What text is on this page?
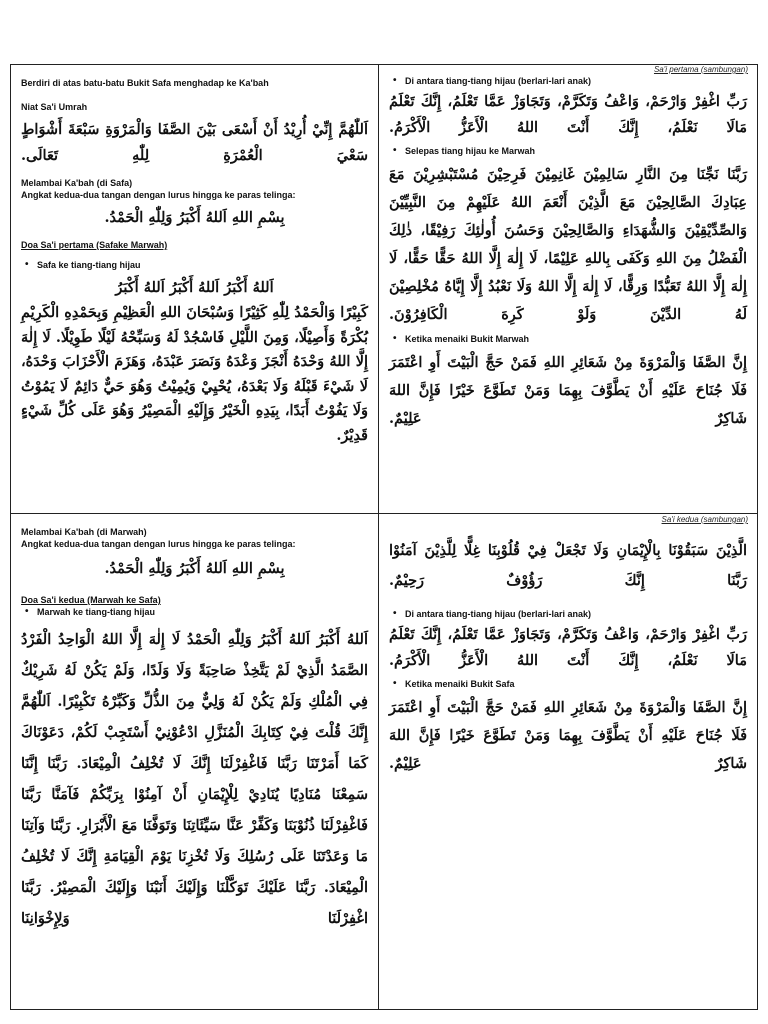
Sa'i pertama (sambungan)
Sa'i kedua (sambungan)

Berdiri di atas batu-batu Bukit Safa menghadap ke Ka'bah

Niat Sa'i Umrah

اَللّٰهُمَّ إِنِّيْ أُرِيْدُ أَنْ أَسْعَى بَيْنَ الصَّفَا وَالْمَرْوَةِ سَبْعَةَ أَشْوَاطٍ سَعْيَ الْعُمْرَةِ لِلّٰهِ تَعَالَى.

Melambai Ka'bah (di Safa)

Angkat kedua-dua tangan dengan lurus hingga ke paras telinga:

بِسْمِ اللهِ اَللهُ أَكْبَرُ وَلِلّٰهِ الْحَمْدُ.

Doa Sa'i pertama (Safake Marwah)

• Safa ke tiang-tiang hijau

اَللهُ أَكْبَرُ اَللهُ أَكْبَرُ اَللهُ أَكْبَرُ

كَبِيْرًا وَالْحَمْدُ لِلّٰهِ كَثِيْرًا وَسُبْحَانَ اللهِ الْعَظِيْمِ وَبِحَمْدِهِ الْكَرِيْمِ بُكْرَةً وَأَصِيْلًا، وَمِنَ اللَّيْلِ فَاسْجُدْ لَهُ وَسَبِّحْهُ لَيْلًا طَوِيْلًا. لَا إِلٰهَ إِلَّا اللهُ وَحْدَهُ أَنْجَزَ وَعْدَهُ وَنَصَرَ عَبْدَهُ، وَهَزَمَ الْأَحْزَابَ وَحْدَهُ، لَا شَيْءَ قَبْلَهُ وَلَا بَعْدَهُ، يُحْيِيْ وَيُمِيْتُ وَهُوَ حَيٌّ دَائِمٌ لَا يَمُوْتُ وَلَا يَفُوْتُ أَبَدًا، بِيَدِهِ الْخَيْرُ وَإِلَيْهِ الْمَصِيْرُ وَهُوَ عَلَى كُلِّ شَيْءٍ قَدِيْرٌ.

• Di antara tiang-tiang hijau (berlari-lari anak)

رَبِّ اغْفِرْ وَارْحَمْ، وَاعْفُ وَتَكَرَّمْ، وَتَجَاوَزْ عَمَّا تَعْلَمُ، إِنَّكَ تَعْلَمُ مَالَا نَعْلَمُ، إِنَّكَ أَنْتَ اللهُ الْأَعَزُّ الْأَكْرَمُ.

• Selepas tiang hijau ke Marwah

رَبَّنَا نَجِّنَا مِنَ النَّارِ سَالِمِيْنَ غَانِمِيْنَ فَرِحِيْنَ مُسْتَبْشِرِيْنَ مَعَ عِبَادِكَ الصَّالِحِيْنَ مَعَ الَّذِيْنَ أَنْعَمَ اللهُ عَلَيْهِمْ مِنَ النَّبِيِّيْنَ وَالصِّدِّيْقِيْنَ وَالشُّهَدَاءِ وَالصَّالِحِيْنَ وَحَسُنَ أُولٰئِكَ رَفِيْقًا، ذٰلِكَ الْفَضْلُ مِنَ اللهِ وَكَفَى بِاللهِ عَلِيْمًا، لَا إِلٰهَ إِلَّا اللهُ حَقًّا حَقًّا، لَا إِلٰهَ إِلَّا اللهُ تَعَبُّدًا وَرِقًّا، لَا إِلٰهَ إِلَّا اللهُ وَلَا نَعْبُدُ إِلَّا إِيَّاهُ مُخْلِصِيْنَ لَهُ الدِّيْنَ وَلَوْ كَرِهَ الْكَافِرُوْنَ.

• Ketika menaiki Bukit Marwah

إِنَّ الصَّفَا وَالْمَرْوَةَ مِنْ شَعَائِرِ اللهِ فَمَنْ حَجَّ الْبَيْتَ أَوِ اعْتَمَرَ فَلَا جُنَاحَ عَلَيْهِ أَنْ يَطَّوَّفَ بِهِمَا وَمَنْ تَطَوَّعَ خَيْرًا فَإِنَّ اللهَ شَاكِرٌ عَلِيْمٌ.

Melambai Ka'bah (di Marwah)

Angkat kedua-dua tangan dengan lurus hingga ke paras telinga:

بِسْمِ اللهِ اَللهُ أَكْبَرُ وَلِلّٰهِ الْحَمْدُ.

Doa Sa'i kedua (Marwah ke Safa)

• Marwah ke tiang-tiang hijau

اَللهُ أَكْبَرُ اَللهُ أَكْبَرُ وَلِلّٰهِ الْحَمْدُ لَا إِلٰهَ إِلَّا اللهُ الْوَاحِدُ الْفَرْدُ الصَّمَدُ الَّذِيْ لَمْ يَتَّخِذْ صَاحِبَةً وَلَا وَلَدًا، وَلَمْ يَكُنْ لَهُ شَرِيْكٌ فِي الْمُلْكِ وَلَمْ يَكُنْ لَهُ وَلِيٌّ مِنَ الذُّلِّ وَكَبِّرْهُ تَكْبِيْرًا. اَللّٰهُمَّ إِنَّكَ قُلْتَ فِيْ كِتَابِكَ الْمُنَزَّلِ ادْعُوْنِيْ أَسْتَجِبْ لَكُمْ، دَعَوْنَاكَ كَمَا أَمَرْتَنَا رَبَّنَا فَاغْفِرْلَنَا إِنَّكَ لَا تُخْلِفُ الْمِيْعَادَ. رَبَّنَا إِنَّنَا سَمِعْنَا مُنَادِيًا يُنَادِيْ لِلْإِيْمَانِ أَنْ آمِنُوْا بِرَبِّكُمْ فَآمَنَّا رَبَّنَا فَاغْفِرْلَنَا ذُنُوْبَنَا وَكَفِّرْ عَنَّا سَيِّئَاتِنَا وَتَوَفَّنَا مَعَ الْأَبْرَارِ. رَبَّنَا وَآتِنَا مَا وَعَدْتَنَا عَلَى رُسُلِكَ وَلَا تُخْزِنَا يَوْمَ الْقِيَامَةِ إِنَّكَ لَا تُخْلِفُ الْمِيْعَادَ. رَبَّنَا عَلَيْكَ تَوَكَّلْنَا وَإِلَيْكَ أَنَبْنَا وَإِلَيْكَ الْمَصِيْرُ. رَبَّنَا اغْفِرْلَنَا وَلِإِخْوَانِنَا

الَّذِيْنَ سَبَقُوْنَا بِالْإِيْمَانِ وَلَا تَجْعَلْ فِيْ قُلُوْبِنَا غِلًّا لِلَّذِيْنَ آمَنُوْا رَبَّنَا إِنَّكَ رَؤُوْفٌ رَحِيْمٌ.

• Di antara tiang-tiang hijau (berlari-lari anak)

رَبِّ اغْفِرْ وَارْحَمْ، وَاعْفُ وَتَكَرَّمْ، وَتَجَاوَزْ عَمَّا تَعْلَمُ، إِنَّكَ تَعْلَمُ مَالَا نَعْلَمُ، إِنَّكَ أَنْتَ اللهُ الْأَعَزُّ الْأَكْرَمُ.

• Ketika menaiki Bukit Safa

إِنَّ الصَّفَا وَالْمَرْوَةَ مِنْ شَعَائِرِ اللهِ فَمَنْ حَجَّ الْبَيْتَ أَوِ اعْتَمَرَ فَلَا جُنَاحَ عَلَيْهِ أَنْ يَطَّوَّفَ بِهِمَا وَمَنْ تَطَوَّعَ خَيْرًا فَإِنَّ اللهَ شَاكِرٌ عَلِيْمٌ.
